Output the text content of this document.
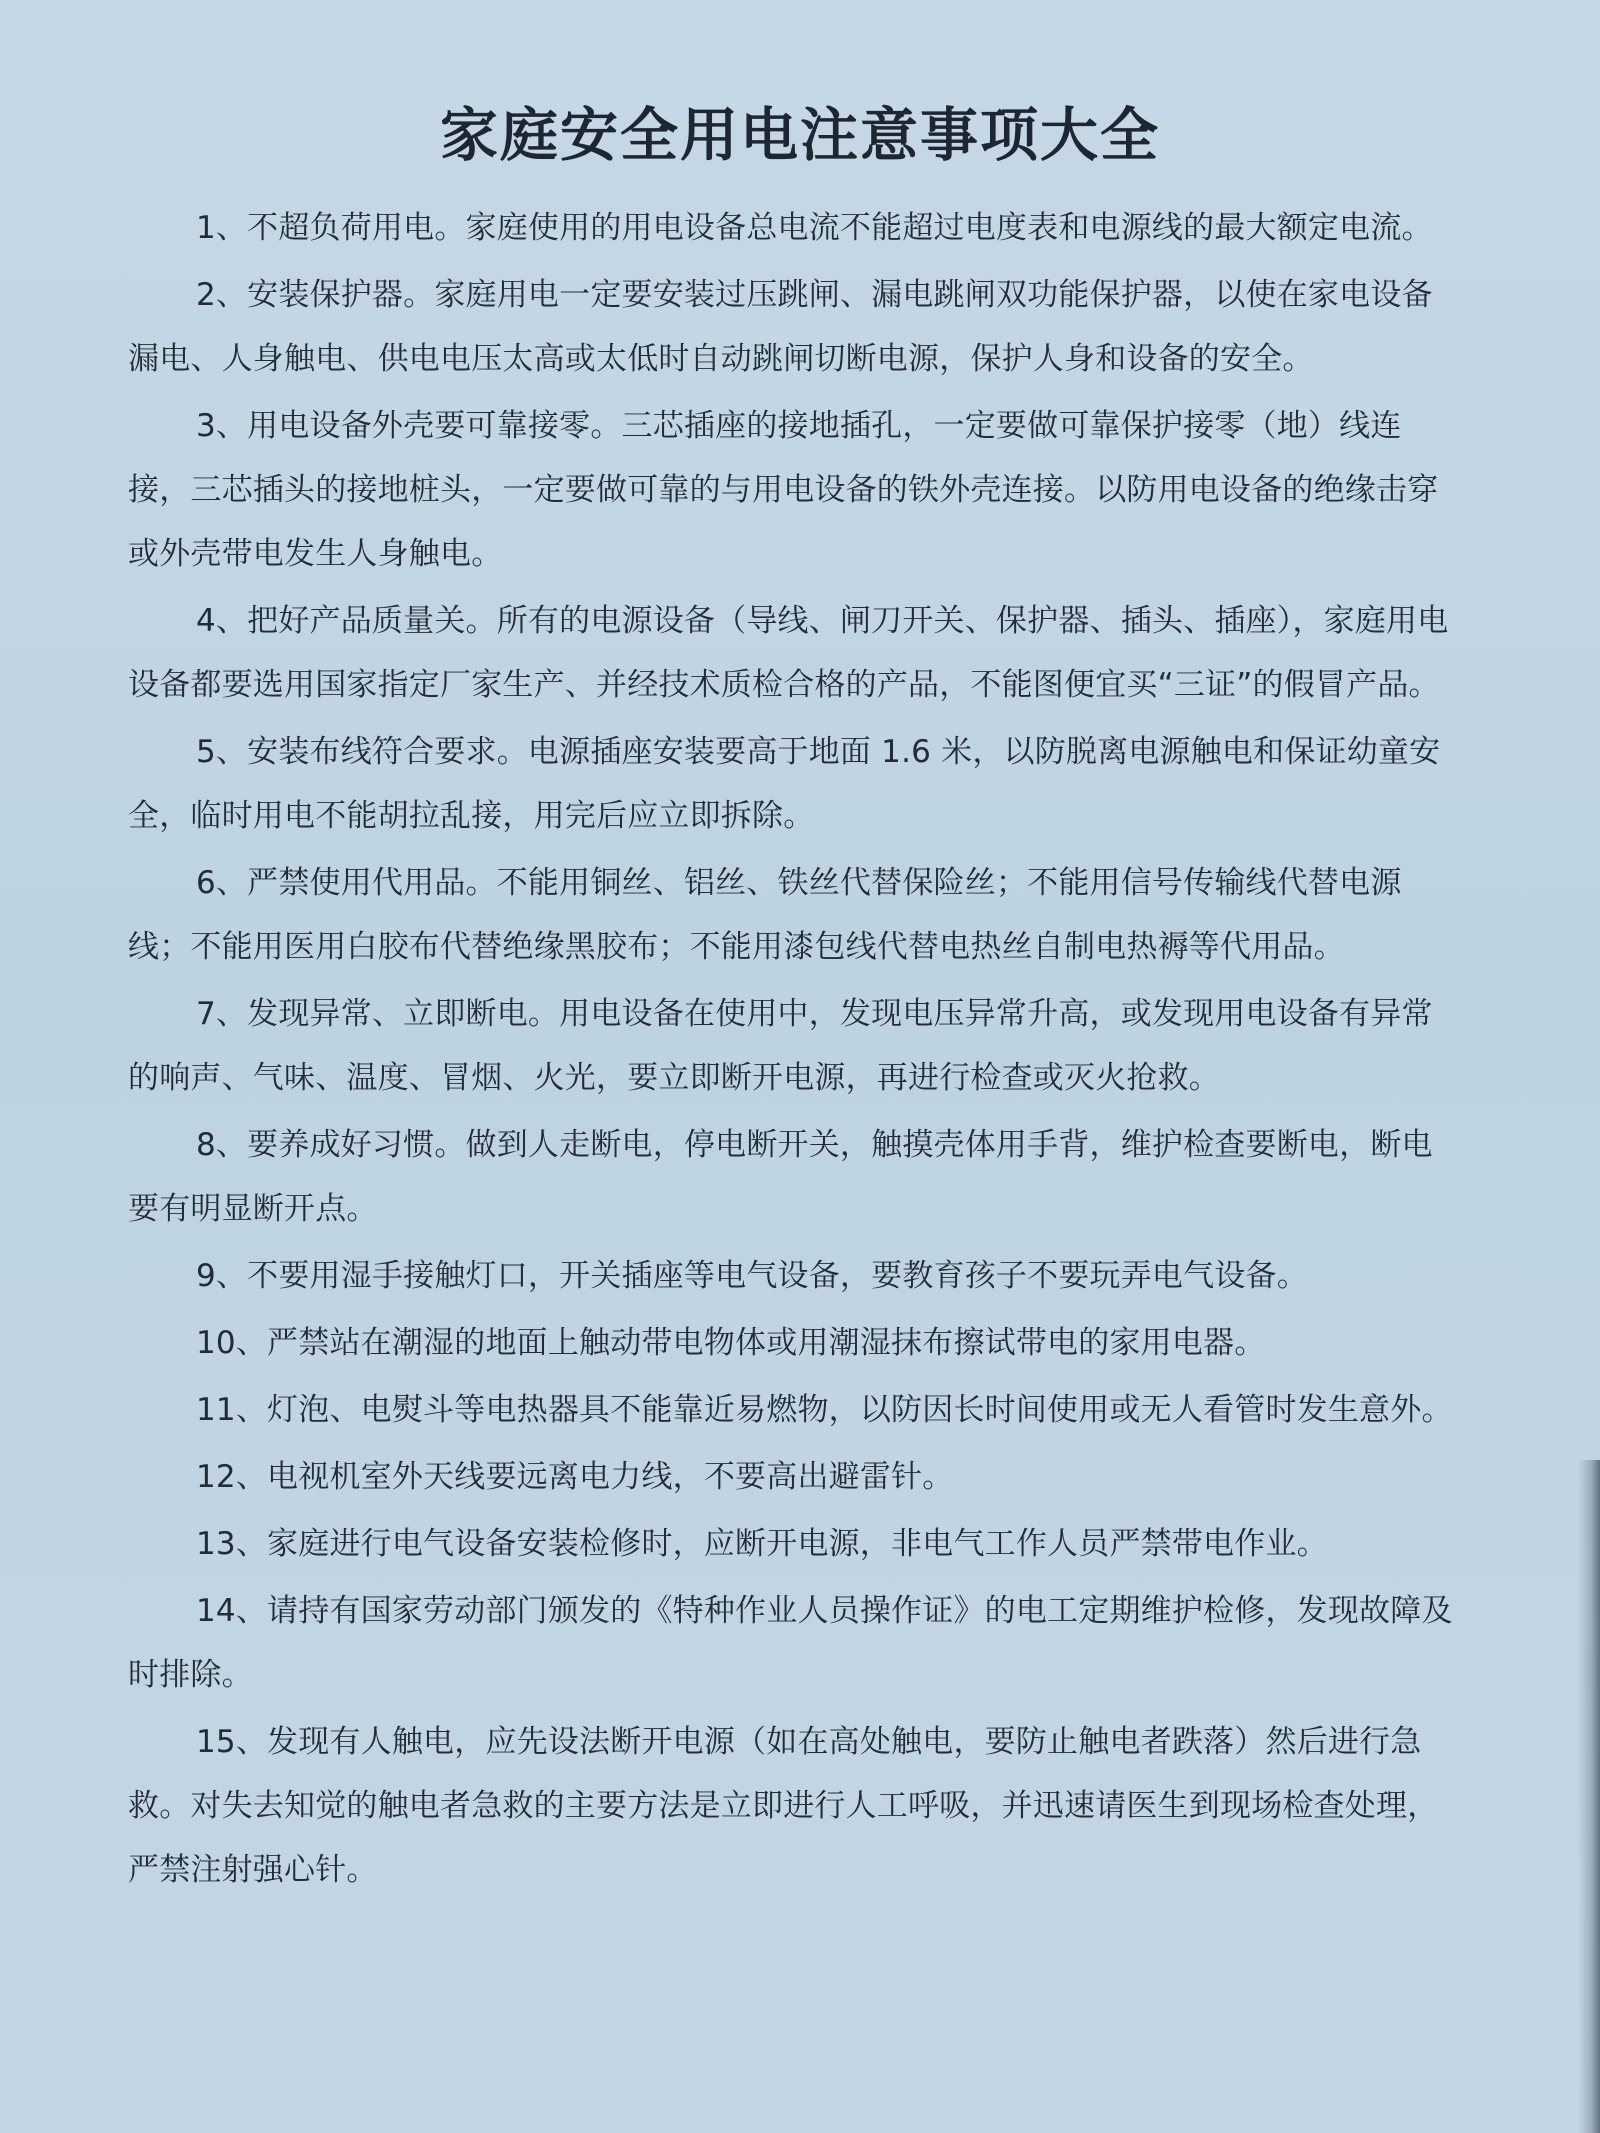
家庭安全用电注意事项大全

1、不超负荷用电。家庭使用的用电设备总电流不能超过电度表和电源线的最大额定电流。

2、安装保护器。家庭用电一定要安装过压跳闸、漏电跳闸双功能保护器，以使在家电设备漏电、人身触电、供电电压太高或太低时自动跳闸切断电源，保护人身和设备的安全。

3、用电设备外壳要可靠接零。三芯插座的接地插孔，一定要做可靠保护接零（地）线连接，三芯插头的接地桩头，一定要做可靠的与用电设备的铁外壳连接。以防用电设备的绝缘击穿或外壳带电发生人身触电。

4、把好产品质量关。所有的电源设备（导线、闸刀开关、保护器、插头、插座），家庭用电设备都要选用国家指定厂家生产、并经技术质检合格的产品，不能图便宜买“三证”的假冒产品。

5、安装布线符合要求。电源插座安装要高于地面 1.6 米，以防脱离电源触电和保证幼童安全，临时用电不能胡拉乱接，用完后应立即拆除。

6、严禁使用代用品。不能用铜丝、铝丝、铁丝代替保险丝；不能用信号传输线代替电源线；不能用医用白胶布代替绝缘黑胶布；不能用漆包线代替电热丝自制电热褥等代用品。

7、发现异常、立即断电。用电设备在使用中，发现电压异常升高，或发现用电设备有异常的响声、气味、温度、冒烟、火光，要立即断开电源，再进行检查或灭火抢救。

8、要养成好习惯。做到人走断电，停电断开关，触摸壳体用手背，维护检查要断电，断电要有明显断开点。

9、不要用湿手接触灯口，开关插座等电气设备，要教育孩子不要玩弄电气设备。

10、严禁站在潮湿的地面上触动带电物体或用潮湿抹布擦试带电的家用电器。

11、灯泡、电熨斗等电热器具不能靠近易燃物，以防因长时间使用或无人看管时发生意外。

12、电视机室外天线要远离电力线，不要高出避雷针。

13、家庭进行电气设备安装检修时，应断开电源，非电气工作人员严禁带电作业。

14、请持有国家劳动部门颁发的《特种作业人员操作证》的电工定期维护检修，发现故障及时排除。

15、发现有人触电，应先设法断开电源（如在高处触电，要防止触电者跌落）然后进行急救。对失去知觉的触电者急救的主要方法是立即进行人工呼吸，并迅速请医生到现场检查处理，严禁注射强心针。
